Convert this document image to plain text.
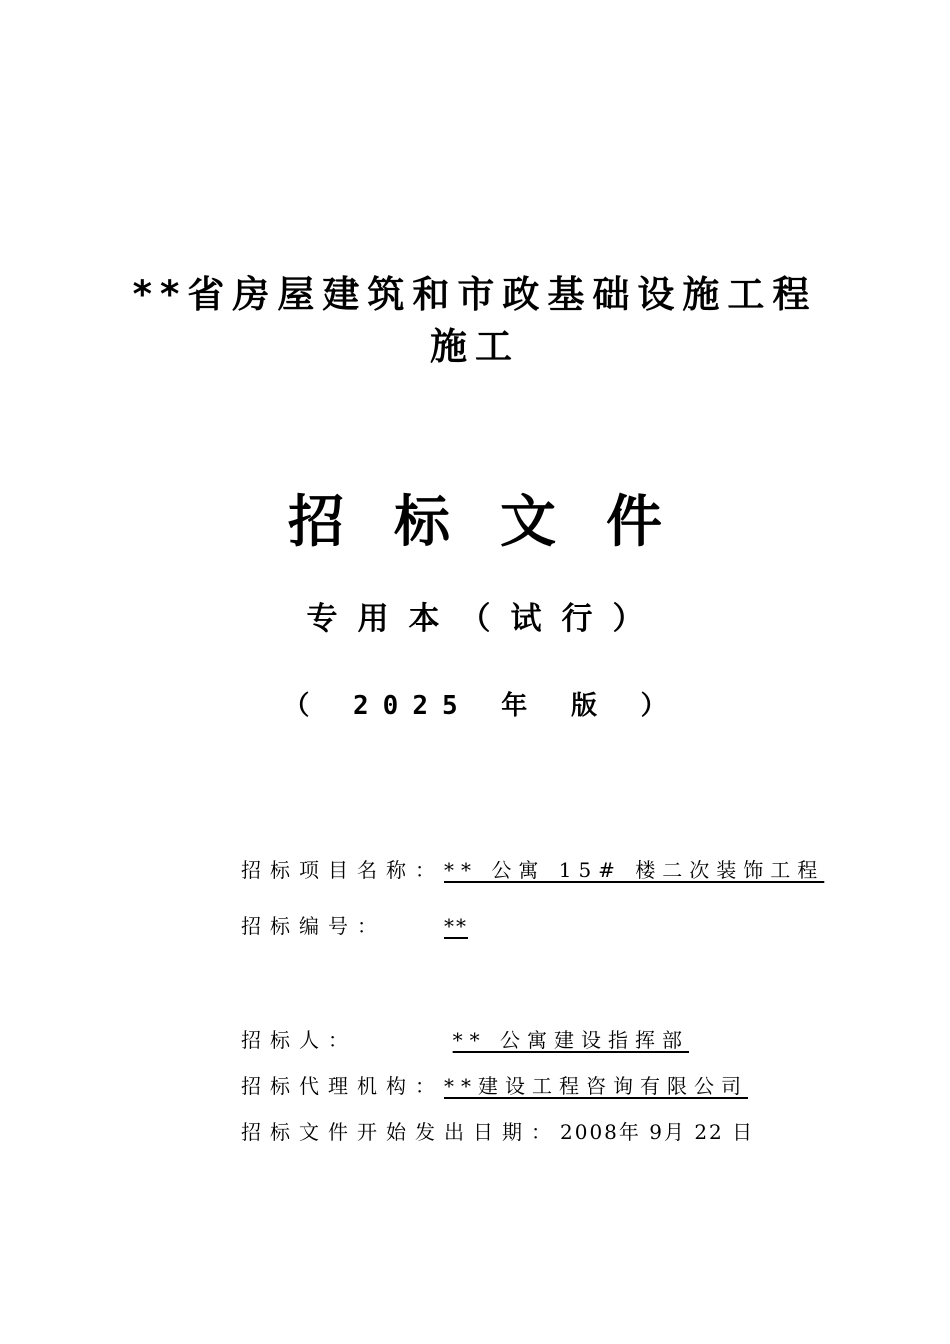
**省房屋建筑和市政基础设施工程
施工
招标文件
专用本（试行）
（ 2025 年 版 ）
招标项目名称：** 公寓 15# 楼二次装饰工程
招标编号：	**
招标人：	** 公寓建设指挥部
招标代理机构：**建设工程咨询有限公司
招标文件开始发出日期：2008年 9月 22 日
